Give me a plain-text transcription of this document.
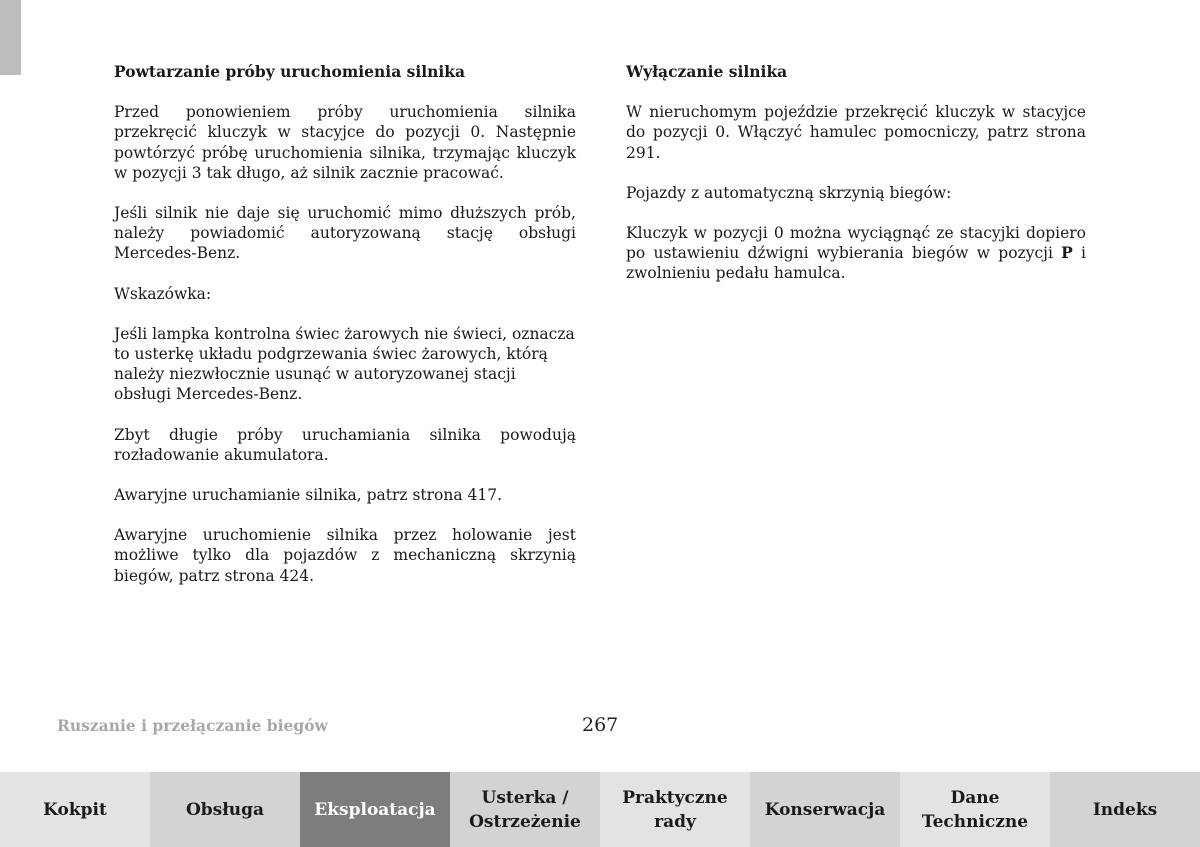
Powtarzanie próby uruchomienia silnika

Przed ponowieniem próby uruchomienia silnika przekręcić kluczyk w stacyjce do pozycji 0. Następnie powtórzyć próbę uruchomienia silnika, trzymając kluczyk w pozycji 3 tak długo, aż silnik zacznie pracować.

Jeśli silnik nie daje się uruchomić mimo dłuższych prób, należy powiadomić autoryzowaną stację obsługi Mercedes-Benz.

Wskazówka:

Jeśli lampka kontrolna świec żarowych nie świeci, oznacza to usterkę układu podgrzewania świec żarowych, którą należy niezwłocznie usunąć w autoryzowanej stacji obsługi Mercedes-Benz.

Zbyt długie próby uruchamiania silnika powodują rozładowanie akumulatora.

Awaryjne uruchamianie silnika, patrz strona 417.

Awaryjne uruchomienie silnika przez holowanie jest możliwe tylko dla pojazdów z mechaniczną skrzynią biegów, patrz strona 424.

Wyłączanie silnika

W nieruchomym pojeździe przekręcić kluczyk w stacyjce do pozycji 0. Włączyć hamulec pomocniczy, patrz strona 291.

Pojazdy z automatyczną skrzynią biegów:

Kluczyk w pozycji 0 można wyciągnąć ze stacyjki dopiero po ustawieniu dźwigni wybierania biegów w pozycji P i zwolnieniu pedału hamulca.

Ruszanie i przełączanie biegów	267
Kokpit	Obsługa	Eksploatacja
Usterka /
Ostrzeżenie
Praktyczne
rady
Konserwacja
Dane
Techniczne
Indeks
